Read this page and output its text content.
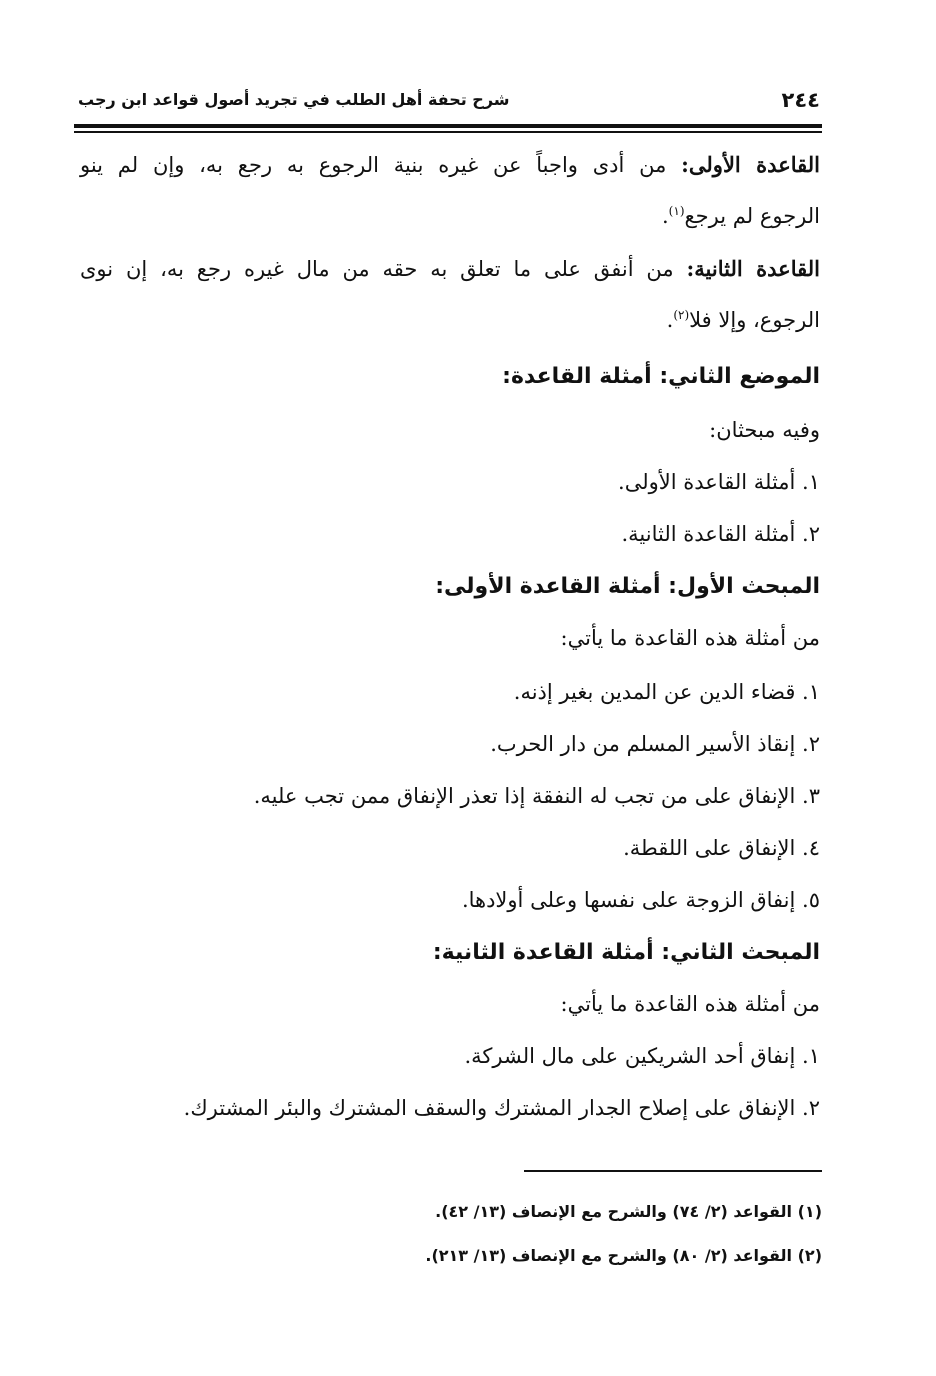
٢٤٤
شرح تحفة أهل الطلب في تجريد أصول قواعد ابن رجب
القاعدة الأولى: من أدى واجباً عن غيره بنية الرجوع به رجع به، وإن لم ينو
الرجوع لم يرجع$^{(١)}$.
القاعدة الثانية: من أنفق على ما تعلق به حقه من مال غيره رجع به، إن نوى
الرجوع، وإلا فلا$^{(٢)}$.
الموضع الثاني: أمثلة القاعدة:
وفيه مبحثان:
١. أمثلة القاعدة الأولى.
٢. أمثلة القاعدة الثانية.
المبحث الأول: أمثلة القاعدة الأولى:
من أمثلة هذه القاعدة ما يأتي:
١. قضاء الدين عن المدين بغير إذنه.
٢. إنقاذ الأسير المسلم من دار الحرب.
٣. الإنفاق على من تجب له النفقة إذا تعذر الإنفاق ممن تجب عليه.
٤. الإنفاق على اللقطة.
٥. إنفاق الزوجة على نفسها وعلى أولادها.
المبحث الثاني: أمثلة القاعدة الثانية:
من أمثلة هذه القاعدة ما يأتي:
١. إنفاق أحد الشريكين على مال الشركة.
٢. الإنفاق على إصلاح الجدار المشترك والسقف المشترك والبئر المشترك.
(١) القواعد (٢/ ٧٤) والشرح مع الإنصاف (١٣/ ٤٢).
(٢) القواعد (٢/ ٨٠) والشرح مع الإنصاف (١٣/ ٢١٣).
